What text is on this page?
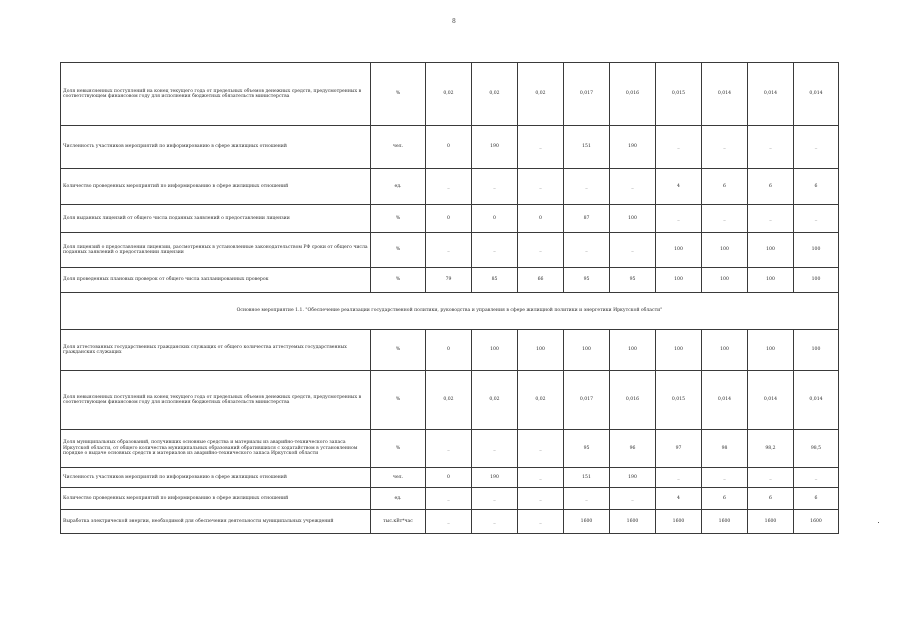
8
Доля невыясненных поступлений на конец текущего года от предельных объемов денежных средств, предусмотренных в соответствующем финансовом году для исполнения бюджетных обязательств министерства	%	0,02	0,02	0,02	0,017	0,016	0,015	0,014	0,014	0,014
Численность участников мероприятий по информированию в сфере жилищных отношений	чел.	0	190	_	151	190	_	_	_	_
Количество проведенных мероприятий по информированию в сфере жилищных отношений	ед.	_	_	_	_	_	4	6	6	6
Доля выданных лицензий от общего числа поданных заявлений о предоставлении лицензии	%	0	0	0	87	100	_	_	_	_
Доля лицензий о предоставлении лицензии, рассмотренных в установленные законодательством РФ сроки от общего числа поданных заявлений о предоставлении лицензии	%	_	_	_	_	_	100	100	100	100
Доля проведенных плановых проверок от общего числа запланированных проверок	%	79	85	66	95	95	100	100	100	100
Основное мероприятие 1.1. "Обеспечение реализации государственной политики, руководства и управления в сфере жилищной политики и энергетики Иркутской области"										
Доля аттестованных государственных гражданских служащих от общего количества аттестуемых государственных гражданских служащих	%	0	100	100	100	100	100	100	100	100
Доля невыясненных поступлений на конец текущего года от предельных объемов денежных средств, предусмотренных в соответствующем финансовом году для исполнения бюджетных обязательств министерства	%	0,02	0,02	0,02	0,017	0,016	0,015	0,014	0,014	0,014
Доля муниципальных образований, получивших основные средства и материалы из аварийно-технического запаса Иркутской области, от общего количества муниципальных образований обратившихся с ходатайством в установленном порядке о выдаче основных средств и материалов из аварийно-технического запаса Иркутской области	%	_	_	_	95	96	97	98	98,2	98,5
Численность участников мероприятий по информированию в сфере жилищных отношений	чел.	0	190	_	151	190	_	_	_	_
Количество проведенных мероприятий по информированию в сфере жилищных отношений	ед.	_	_	_	_	_	4	6	6	6
Выработка электрической энергии, необходимой для обеспечения деятельности муниципальных учреждений	тыс.кВт*час	_	_	_	1600	1600	1600	1600	1600	1600
